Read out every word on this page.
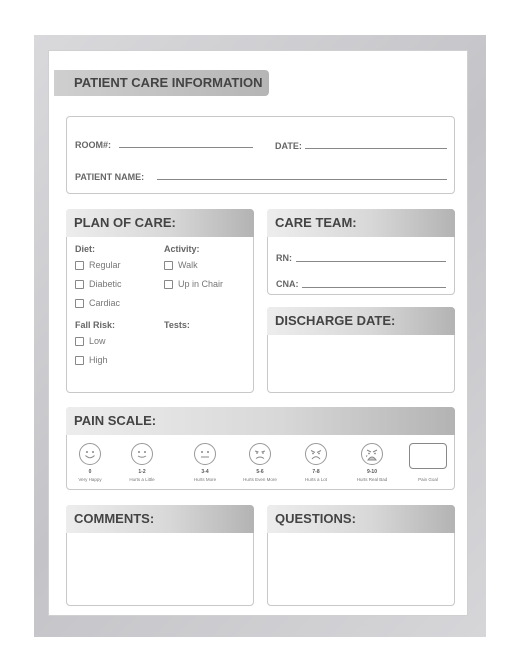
PATIENT CARE INFORMATION
ROOM#:	DATE:
PATIENT NAME:
PLAN OF CARE:
Diet:
Regular
Diabetic
Cardiac
Activity:
Walk
Up in Chair
Fall Risk:
Low
High
Tests:
CARE TEAM:
RN:
CNA:
DISCHARGE DATE:
PAIN SCALE:
0
Very Happy
1-2
Hurts a Little
3-4
Hurts More
5-6
Hurts Even More
7-8
Hurts a Lot
9-10
Hurts Real Bad	Pain Goal
COMMENTS:	QUESTIONS:
